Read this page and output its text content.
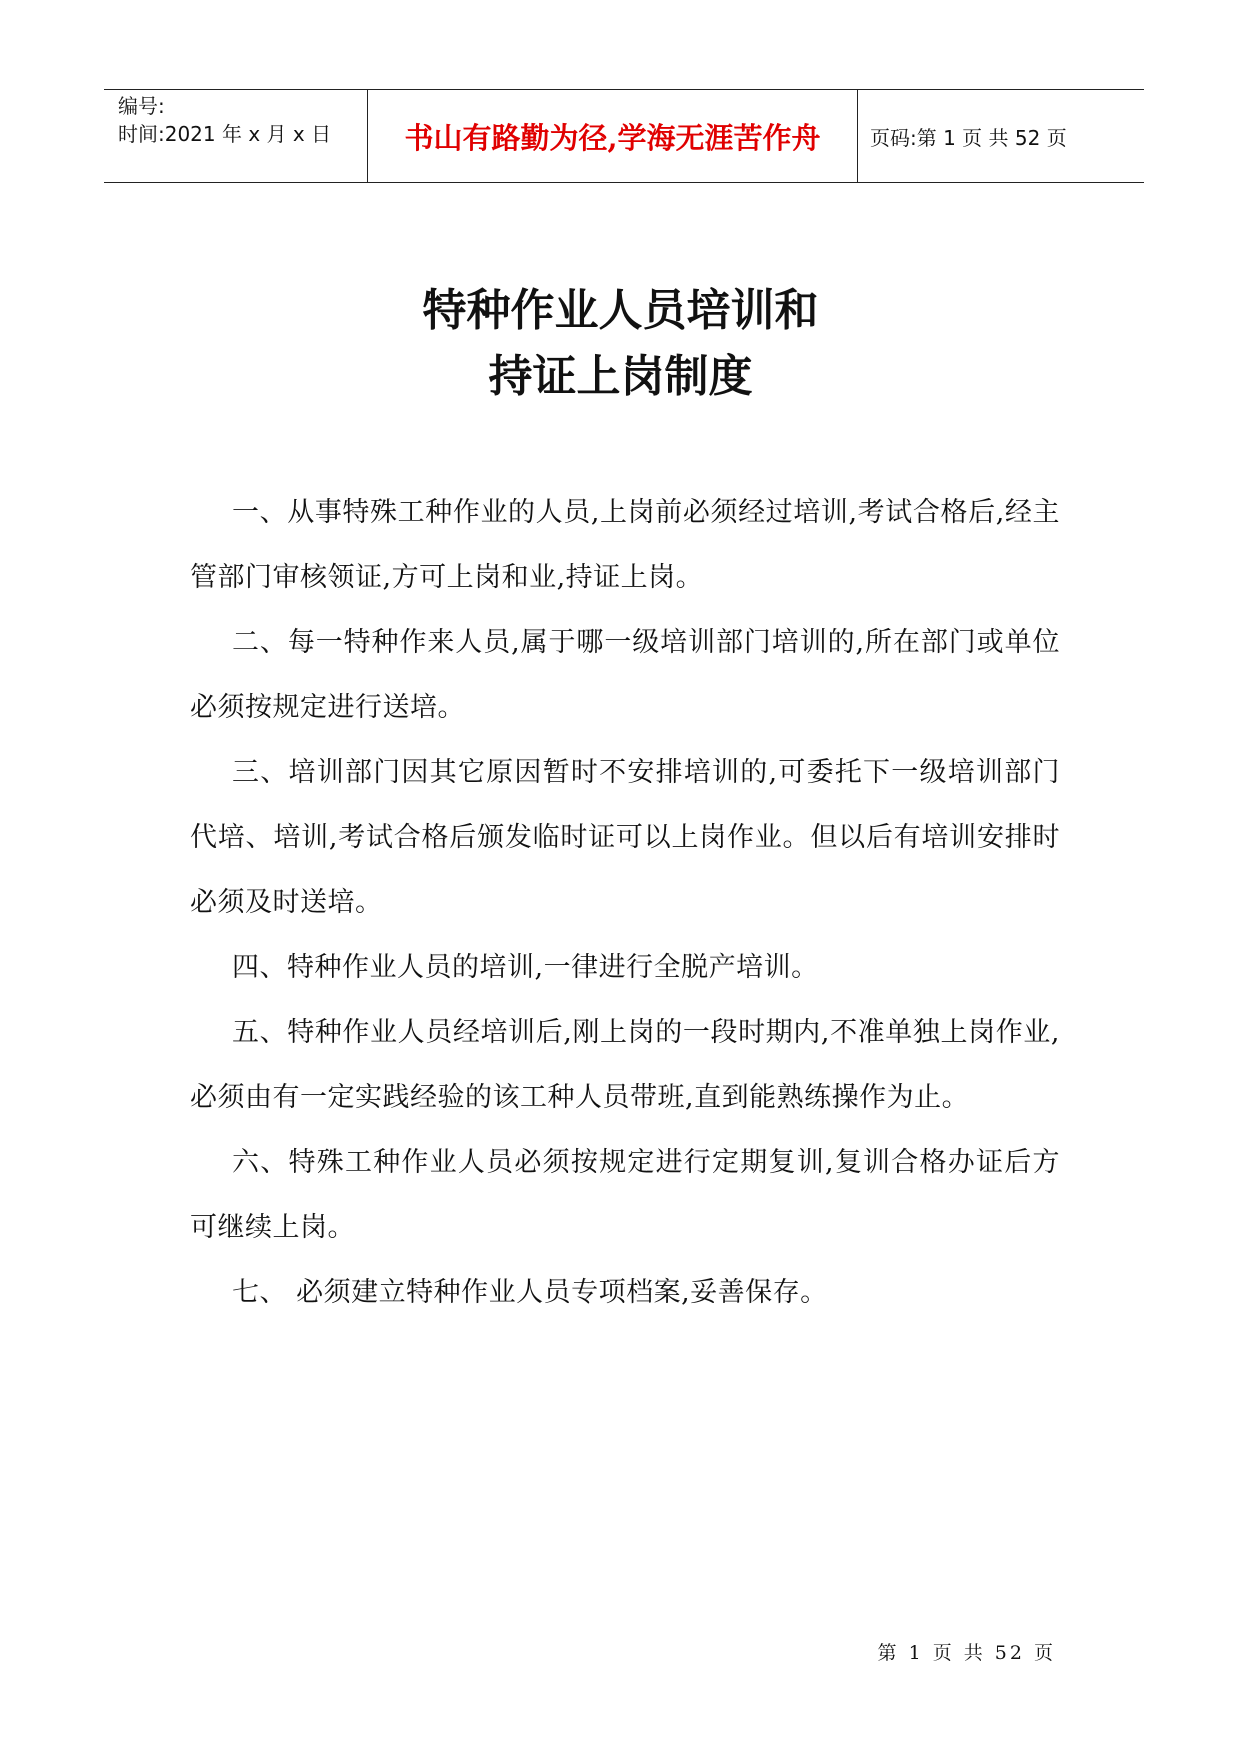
编号:
时间:2021 年 x 月 x 日	书山有路勤为径,学海无涯苦作舟 页码:第 1 页 共 52 页
特种作业人员培训和
持证上岗制度

一、从事特殊工种作业的人员,上岗前必须经过培训,考试合格后,经主管部门审核领证,方可上岗和业,持证上岗。

二、每一特种作来人员,属于哪一级培训部门培训的,所在部门或单位必须按规定进行送培。

三、培训部门因其它原因暂时不安排培训的,可委托下一级培训部门代培、培训,考试合格后颁发临时证可以上岗作业。但以后有培训安排时必须及时送培。

四、特种作业人员的培训,一律进行全脱产培训。

五、特种作业人员经培训后,刚上岗的一段时期内,不准单独上岗作业,必须由有一定实践经验的该工种人员带班,直到能熟练操作为止。

六、特殊工种作业人员必须按规定进行定期复训,复训合格办证后方可继续上岗。

七、 必须建立特种作业人员专项档案,妥善保存。

第 1 页 共 52 页
